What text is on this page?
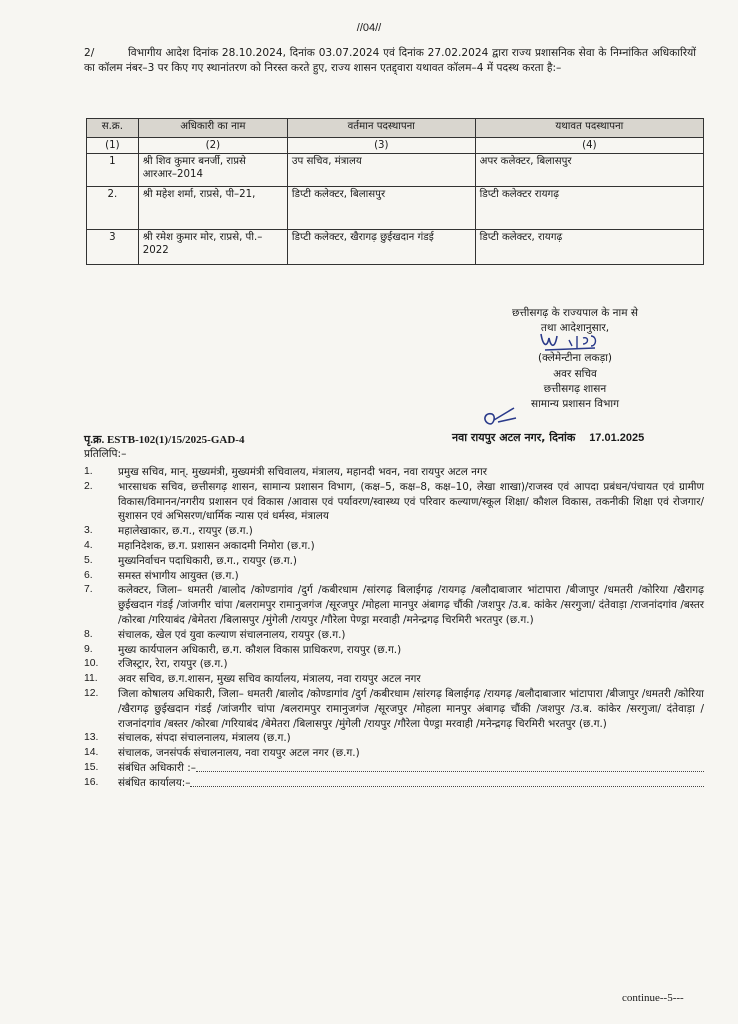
//04//
2/	विभागीय आदेश दिनांक 28.10.2024, दिनांक 03.07.2024 एवं दिनांक 27.02.2024 द्वारा राज्य प्रशासनिक सेवा के निम्नांकित अधिकारियों का कॉलम नंबर–3 पर किए गए स्थानांतरण को निरस्त करते हुए, राज्य शासन एतद्द्वारा यथावत कॉलम–4 में पदस्थ करता है:–
स.क्र.	अधिकारी का नाम	वर्तमान पदस्थापना	यथावत पदस्थापना
(1)	(2)	(3)	(4)
1	श्री शिव कुमार बनर्जी, राप्रसे आरआर–2014	उप सचिव, मंत्रालय	अपर कलेक्टर, बिलासपुर
2.	श्री महेश शर्मा, राप्रसे, पी–21,	डिप्टी कलेक्टर, बिलासपुर	डिप्टी कलेक्टर रायगढ़
3	श्री रमेश कुमार मोर, राप्रसे, पी.–2022	डिप्टी कलेक्टर, खैरागढ़ छुईखदान गंडई	डिप्टी कलेक्टर, रायगढ़
छत्तीसगढ़ के राज्यपाल के नाम से
तथा आदेशानुसार,
(क्लेमेन्टीना लकड़ा)
अवर सचिव
छत्तीसगढ़ शासन
सामान्य प्रशासन विभाग
पृ.क्र. ESTB-102(1)/15/2025-GAD-4	नवा रायपुर अटल नगर, दिनांक 17.01.2025
प्रतिलिपि:–
1.	प्रमुख सचिव, मान्. मुख्यमंत्री, मुख्यमंत्री सचिवालय, मंत्रालय, महानदी भवन, नवा रायपुर अटल नगर
2.	भारसाधक सचिव, छत्तीसगढ़ शासन, सामान्य प्रशासन विभाग, (कक्ष–5, कक्ष–8, कक्ष–10, लेखा शाखा)/राजस्व एवं आपदा प्रबंधन/पंचायत एवं ग्रामीण विकास/विमानन/नगरीय प्रशासन एवं विकास /आवास एवं पर्यावरण/स्वास्थ्य एवं परिवार कल्याण/स्कूल शिक्षा/ कौशल विकास, तकनीकी शिक्षा एवं रोजगार/सुशासन एवं अभिसरण/धार्मिक न्यास एवं धर्मस्व, मंत्रालय
3.	महालेखाकार, छ.ग., रायपुर (छ.ग.)
4.	महानिदेशक, छ.ग. प्रशासन अकादमी निमोरा (छ.ग.)
5.	मुख्यनिर्वाचन पदाधिकारी, छ.ग., रायपुर (छ.ग.)
6.	समस्त संभागीय आयुक्त (छ.ग.)
7.	कलेक्टर, जिला– धमतरी /बालोद /कोण्डागांव /दुर्ग /कबीरधाम /सांरगढ़ बिलाईगढ़ /रायगढ़ /बलौदाबाजार भांटापारा /बीजापुर /धमतरी /कोरिया /खैरागढ़ छुईखदान गंडई /जांजगीर चांपा /बलरामपुर रामानुजगंज /सूरजपुर /मोहला मानपुर अंबागढ़ चौंकी /जशपुर /उ.ब. कांकेर /सरगुजा/ दंतेवाड़ा /राजनांदगांव /बस्तर /कोरबा /गरियाबंद /बेमेतरा /बिलासपुर /मुंगेली /रायपुर /गौरेला पेण्ड्रा मरवाही /मनेन्द्रगढ़ चिरमिरी भरतपुर (छ.ग.)
8.	संचालक, खेल एवं युवा कल्याण संचालनालय, रायपुर (छ.ग.)
9.	मुख्य कार्यपालन अधिकारी, छ.ग. कौशल विकास प्राधिकरण, रायपुर (छ.ग.)
10.	रजिस्ट्रार, रेरा, रायपुर (छ.ग.)
11.	अवर सचिव, छ.ग.शासन, मुख्य सचिव कार्यालय, मंत्रालय, नवा रायपुर अटल नगर
12.	जिला कोषालय अधिकारी, जिला– धमतरी /बालोद /कोण्डागांव /दुर्ग /कबीरधाम /सांरगढ़ बिलाईगढ़ /रायगढ़ /बलौदाबाजार भांटापारा /बीजापुर /धमतरी /कोरिया /खैरागढ़ छुईखदान गंडई /जांजगीर चांपा /बलरामपुर रामानुजगंज /सूरजपुर /मोहला मानपुर अंबागढ़ चौंकी /जशपुर /उ.ब. कांकेर /सरगुजा/ दंतेवाड़ा /राजनांदगांव /बस्तर /कोरबा /गरियाबंद /बेमेतरा /बिलासपुर /मुंगेली /रायपुर /गौरेला पेण्ड्रा मरवाही /मनेन्द्रगढ़ चिरमिरी भरतपुर (छ.ग.)
13.	संचालक, संपदा संचालनालय, मंत्रालय (छ.ग.)
14.	संचालक, जनसंपर्क संचालनालय, नवा रायपुर अटल नगर (छ.ग.)
15.	संबंधित अधिकारी :–
16.	संबंधित कार्यालय:–
continue--5---
